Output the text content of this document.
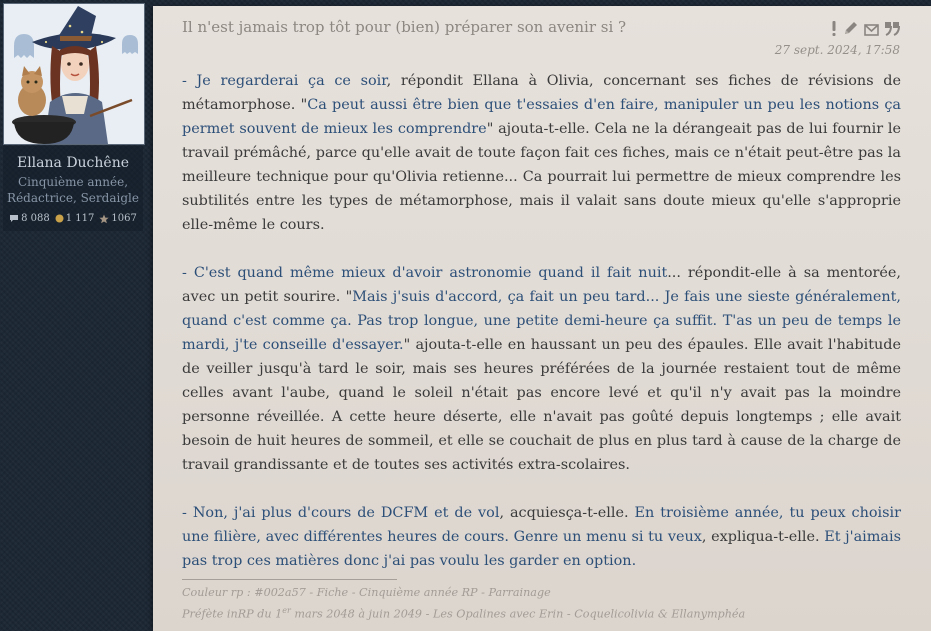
Ellana Duchêne
Cinquième année, Rédactrice, Serdaigle
8 088 1 117 1067
Il n'est jamais trop tôt pour (bien) préparer son avenir si ?
27 sept. 2024, 17:58

- Je regarderai ça ce soir, répondit Ellana à Olivia, concernant ses fiches de révisions de métamorphose. "Ca peut aussi être bien que t'essaies d'en faire, manipuler un peu les notions ça permet souvent de mieux les comprendre" ajouta-t-elle. Cela ne la dérangeait pas de lui fournir le travail prémâché, parce qu'elle avait de toute façon fait ces fiches, mais ce n'était peut-être pas la meilleure technique pour qu'Olivia retienne... Ca pourrait lui permettre de mieux comprendre les subtilités entre les types de métamorphose, mais il valait sans doute mieux qu'elle s'approprie elle-même le cours.

- C'est quand même mieux d'avoir astronomie quand il fait nuit... répondit-elle à sa mentorée, avec un petit sourire. "Mais j'suis d'accord, ça fait un peu tard... Je fais une sieste généralement, quand c'est comme ça. Pas trop longue, une petite demi-heure ça suffit. T'as un peu de temps le mardi, j'te conseille d'essayer." ajouta-t-elle en haussant un peu des épaules. Elle avait l'habitude de veiller jusqu'à tard le soir, mais ses heures préférées de la journée restaient tout de même celles avant l'aube, quand le soleil n'était pas encore levé et qu'il n'y avait pas la moindre personne réveillée. A cette heure déserte, elle n'avait pas goûté depuis longtemps ; elle avait besoin de huit heures de sommeil, et elle se couchait de plus en plus tard à cause de la charge de travail grandissante et de toutes ses activités extra-scolaires.

- Non, j'ai plus d'cours de DCFM et de vol, acquiesça-t-elle. En troisième année, tu peux choisir une filière, avec différentes heures de cours. Genre un menu si tu veux, expliqua-t-elle. Et j'aimais pas trop ces matières donc j'ai pas voulu les garder en option.

Couleur rp : #002a57 - Fiche - Cinquième année RP - Parrainage
Préfète inRP du 1er mars 2048 à juin 2049 - Les Opalines avec Erin - Coquelicolivia & Ellanymphéa
